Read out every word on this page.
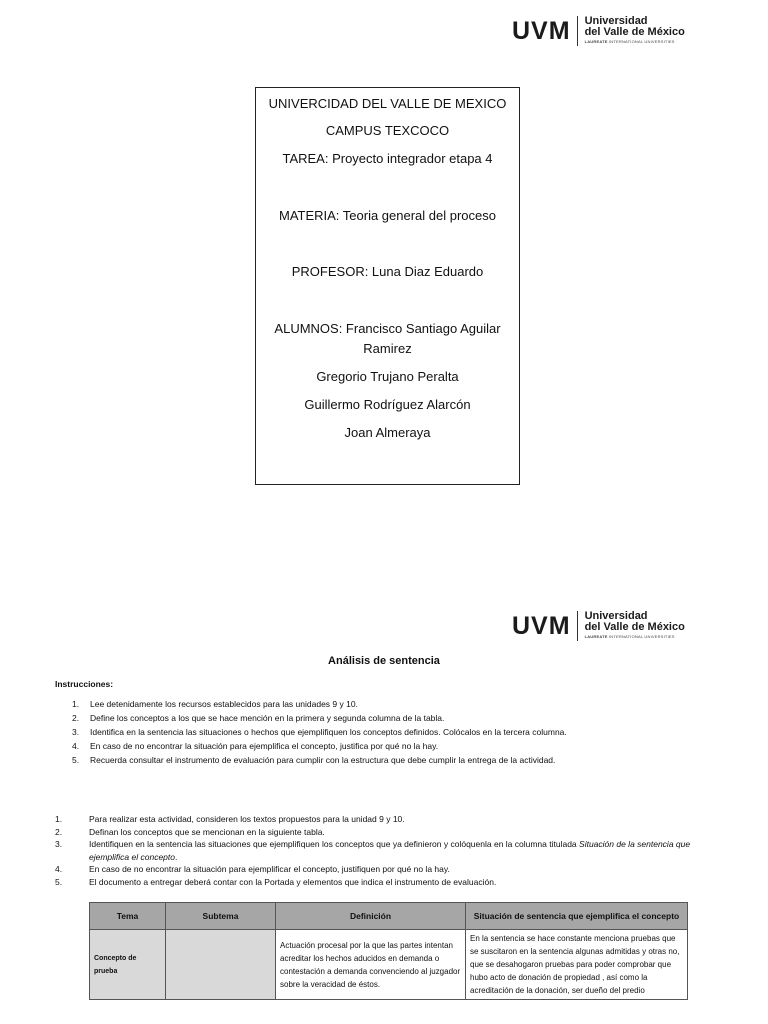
UVM Universidad
del Valle de México
LAUREATE INTERNATIONAL UNIVERSITIES
UNIVERCIDAD DEL VALLE DE MEXICO
CAMPUS TEXCOCO
TAREA: Proyecto integrador etapa 4
MATERIA: Teoria general del proceso
PROFESOR: Luna Diaz Eduardo
ALUMNOS: Francisco Santiago Aguilar
Ramirez
Gregorio Trujano Peralta
Guillermo Rodríguez Alarcón
Joan Almeraya
UVM Universidad
del Valle de México
LAUREATE INTERNATIONAL UNIVERSITIES
Análisis de sentencia
Instrucciones:
1. Lee detenidamente los recursos establecidos para las unidades 9 y 10.
2. Define los conceptos a los que se hace mención en la primera y segunda columna de la tabla.
3. Identifica en la sentencia las situaciones o hechos que ejemplifiquen los conceptos definidos. Colócalos en la tercera columna.
4. En caso de no encontrar la situación para ejemplifica el concepto, justifica por qué no la hay.
5. Recuerda consultar el instrumento de evaluación para cumplir con la estructura que debe cumplir la entrega de la actividad.
1.	Para realizar esta actividad, consideren los textos propuestos para la unidad 9 y 10.
2.	Definan los conceptos que se mencionan en la siguiente tabla.
3.	Identifiquen en la sentencia las situaciones que ejemplifiquen los conceptos que ya definieron y colóquenla en la columna titulada Situación de la sentencia que ejemplifica el concepto.
4.	En caso de no encontrar la situación para ejemplificar el concepto, justifiquen por qué no la hay.
5.	El documento a entregar deberá contar con la Portada y elementos que indica el instrumento de evaluación.
Tema	Subtema	Definición	Situación de sentencia que ejemplifica el concepto
Concepto de prueba		Actuación procesal por la que las partes intentan acreditar los hechos aducidos en demanda o contestación a demanda convenciendo al juzgador sobre la veracidad de éstos.	En la sentencia se hace constante menciona pruebas que se suscitaron en la sentencia algunas admitidas y otras no, que se desahogaron pruebas para poder comprobar que hubo acto de donación de propiedad , así como la acreditación de la donación, ser dueño del predio
